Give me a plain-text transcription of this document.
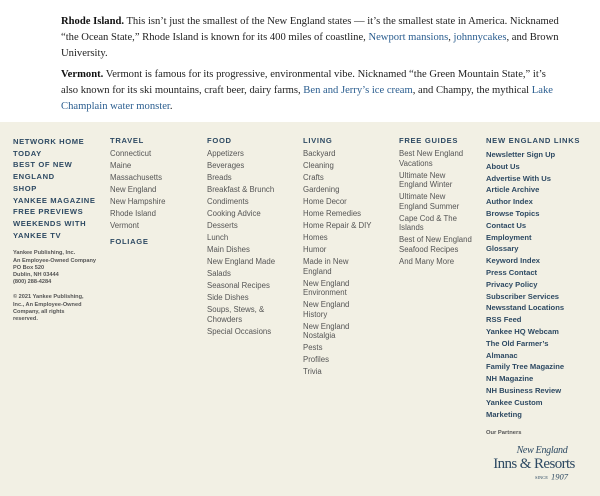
Rhode Island. This isn’t just the smallest of the New England states — it’s the smallest state in America. Nicknamed “the Ocean State,” Rhode Island is known for its 400 miles of coastline, Newport mansions, johnnycakes, and Brown University.

Vermont. Vermont is famous for its progressive, environmental vibe. Nicknamed “the Green Mountain State,” it’s also known for its ski mountains, craft beer, dairy farms, Ben and Jerry’s ice cream, and Champy, the mythical Lake Champlain water monster.

NETWORK HOME
TODAY
BEST OF NEW ENGLAND
SHOP
YANKEE MAGAZINE
FREE PREVIEWS
WEEKENDS WITH YANKEE TV
Yankee Publishing, Inc.
An Employee-Owned Company
PO Box 520
Dublin, NH 03444
(800) 288-4284
© 2021 Yankee Publishing, Inc., An Employee-Owned Company, all rights reserved.
TRAVEL
Connecticut
Maine
Massachusetts
New England
New Hampshire
Rhode Island
Vermont
FOLIAGE
FOOD
Appetizers
Beverages
Breads
Breakfast & Brunch
Condiments
Cooking Advice
Desserts
Lunch
Main Dishes
New England Made
Salads
Seasonal Recipes
Side Dishes
Soups, Stews, & Chowders
Special Occasions
LIVING
Backyard
Cleaning
Crafts
Gardening
Home Decor
Home Remedies
Home Repair & DIY
Homes
Humor
Made in New England
New England Environment
New England History
New England Nostalgia
Pests
Profiles
Trivia
FREE GUIDES
Best New England Vacations
Ultimate New England Winter
Ultimate New England Summer
Cape Cod & The Islands
Best of New England Seafood Recipes
And Many More
NEW ENGLAND LINKS
Newsletter Sign Up
About Us
Advertise With Us
Article Archive
Author Index
Browse Topics
Contact Us
Employment
Glossary
Keyword Index
Press Contact
Privacy Policy
Subscriber Services
Newsstand Locations
RSS Feed
Yankee HQ Webcam
The Old Farmer’s Almanac
Family Tree Magazine
NH Magazine
NH Business Review
Yankee Custom Marketing
Our Partners
New England
Inns & Resorts
SINCE 1907
